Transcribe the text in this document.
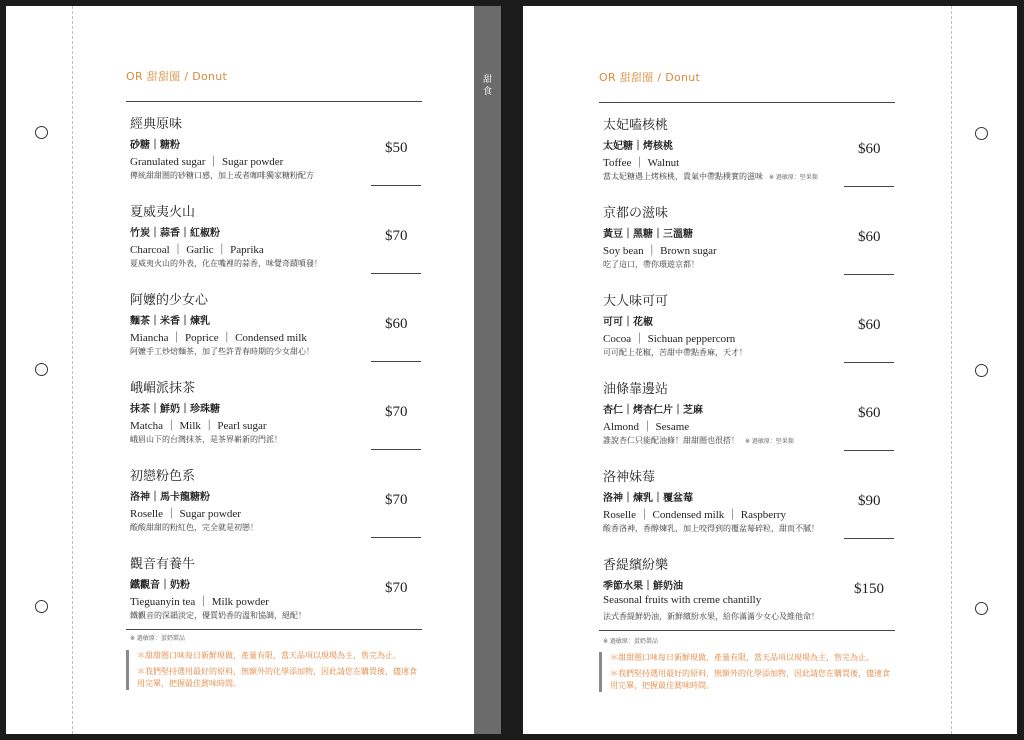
OR 甜甜圈 / Donut
經典原味
砂糖｜糖粉
Granulated sugar ｜ Sugar powder
傳統甜甜圈的砂糖口感，加上或者咖啡獨家糖粉配方
$50
夏威夷火山
竹炭｜蒜香｜紅椒粉
Charcoal ｜ Garlic ｜ Paprika
夏威夷火山的外表，化在嘴裡的蒜香，味覺奇蹟噴發！
$70
阿嬤的少女心
麵茶｜米香｜煉乳
Miancha ｜ Poprice ｜ Condensed milk
阿嬤手工炒焙麵茶，加了些許青春時期的少女甜心！
$60
峨嵋派抹茶
抹茶｜鮮奶｜珍珠糖
Matcha ｜ Milk ｜ Pearl sugar
峨眉山下的台灣抹茶，是茶界嶄新的門派！
$70
初戀粉色系
洛神｜馬卡龍糖粉
Roselle ｜ Sugar powder
酸酸甜甜的粉紅色，完全就是初戀！
$70
觀音有養牛
鐵觀音｜奶粉
Tieguanyin tea ｜ Milk powder
鐵觀音的深韻淡定，優質奶香的溫和協調，絕配！
$70
※ 過敏原：蛋奶製品
＊甜甜圈口味每日新鮮現做，產量有限，當天品項以現場為主，售完為止。
＊我們堅持選用最好的原料，無額外的化學添加物，因此請您在購買後，儘速食　　用完畢，把握最佳賞味時間。
甜食
OR 甜甜圈 / Donut
太妃嗑核桃
太妃糖｜烤核桃
Toffee ｜ Walnut
當太妃糖遇上烤核桃，貴氣中帶點樸實的滋味 ※ 過敏原：堅果類
$60
京都の滋味
黃豆｜黑糖｜三溫糖
Soy bean ｜ Brown sugar
吃了這口，帶你環遊京都！
$60
大人味可可
可可｜花椒
Cocoa ｜ Sichuan peppercorn
可可配上花椒，苦甜中帶點香麻，天才！
$60
油條靠邊站
杏仁｜烤杏仁片｜芝麻
Almond ｜ Sesame
誰說杏仁只能配油條！甜甜圈也很搭！ ※ 過敏原：堅果類
$60
洛神妹莓
洛神｜煉乳｜覆盆莓
Roselle ｜ Condensed milk ｜ Raspberry
酸香洛神，香醇煉乳，加上咬得到的覆盆莓碎粒，甜而不膩！
$90
香緹繽紛樂
季節水果｜鮮奶油
Seasonal fruits with creme chantilly
法式香緹鮮奶油，新鮮繽紛水果，給你滿滿少女心及維他命！
$150
※ 過敏原：蛋奶製品
＊甜甜圈口味每日新鮮現做，產量有限，當天品項以現場為主，售完為止。
＊我們堅持選用最好的原料，無額外的化學添加物，因此請您在購買後，儘速食　　用完畢，把握最佳賞味時間。
